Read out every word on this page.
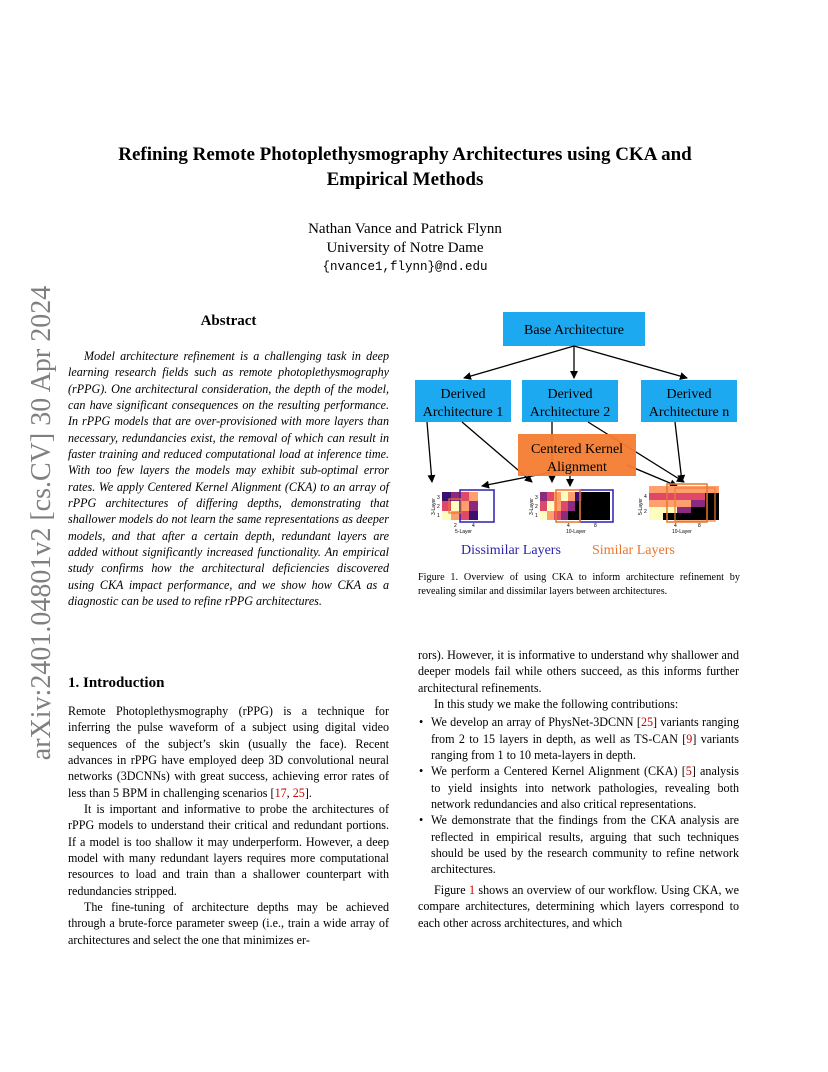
arXiv:2401.04801v2 [cs.CV] 30 Apr 2024
Refining Remote Photoplethysmography Architectures using CKA and Empirical Methods
Nathan Vance and Patrick Flynn
University of Notre Dame
{nvance1,flynn}@nd.edu
Abstract
Model architecture refinement is a challenging task in deep learning research fields such as remote photoplethysmography (rPPG). One architectural consideration, the depth of the model, can have significant consequences on the resulting performance. In rPPG models that are over-provisioned with more layers than necessary, redundancies exist, the removal of which can result in faster training and reduced computational load at inference time. With too few layers the models may exhibit sub-optimal error rates. We apply Centered Kernel Alignment (CKA) to an array of rPPG architectures of differing depths, demonstrating that shallower models do not learn the same representations as deeper models, and that after a certain depth, redundant layers are added without significantly increased functionality. An empirical study confirms how the architectural deficiencies discovered using CKA impact performance, and we show how CKA as a diagnostic can be used to refine rPPG architectures.
1. Introduction

Remote Photoplethysmography (rPPG) is a technique for inferring the pulse waveform of a subject using digital video sequences of the subject’s skin (usually the face). Recent advances in rPPG have employed deep 3D convolutional neural networks (3DCNNs) with great success, achieving error rates of less than 5 BPM in challenging scenarios [17, 25].

It is important and informative to probe the architectures of rPPG models to understand their critical and redundant portions. If a model is too shallow it may underperform. However, a deep model with many redundant layers requires more computational resources to load and train than a shallower counterpart with redundancies stripped.

The fine-tuning of architecture depths may be achieved through a brute-force parameter sweep (i.e., train a wide array of architectures and select the one that minimizes er-

Base Architecture
Derived
Architecture 1
Derived
Architecture 2
Derived
Architecture n
Centered Kernel
Alignment
3-Layer
3
2
1
2	4
5-Layer
3-Layer
3
2
1
4	8
10-Layer
5-Layer
4
2
4	8
10-Layer
Dissimilar Layers Similar Layers
Figure 1. Overview of using CKA to inform architecture refinement by revealing similar and dissimilar layers between architectures.

rors). However, it is informative to understand why shallower and deeper models fail while others succeed, as this informs further architectural refinements.

In this study we make the following contributions:

• We develop an array of PhysNet-3DCNN [25] variants ranging from 2 to 15 layers in depth, as well as TS-CAN [9] variants ranging from 1 to 10 meta-layers in depth.
• We perform a Centered Kernel Alignment (CKA) [5] analysis to yield insights into network pathologies, revealing both network redundancies and also critical representations.
• We demonstrate that the findings from the CKA analysis are reflected in empirical results, arguing that such techniques should be used by the research community to refine network architectures.

Figure 1 shows an overview of our workflow. Using CKA, we compare architectures, determining which layers correspond to each other across architectures, and which
